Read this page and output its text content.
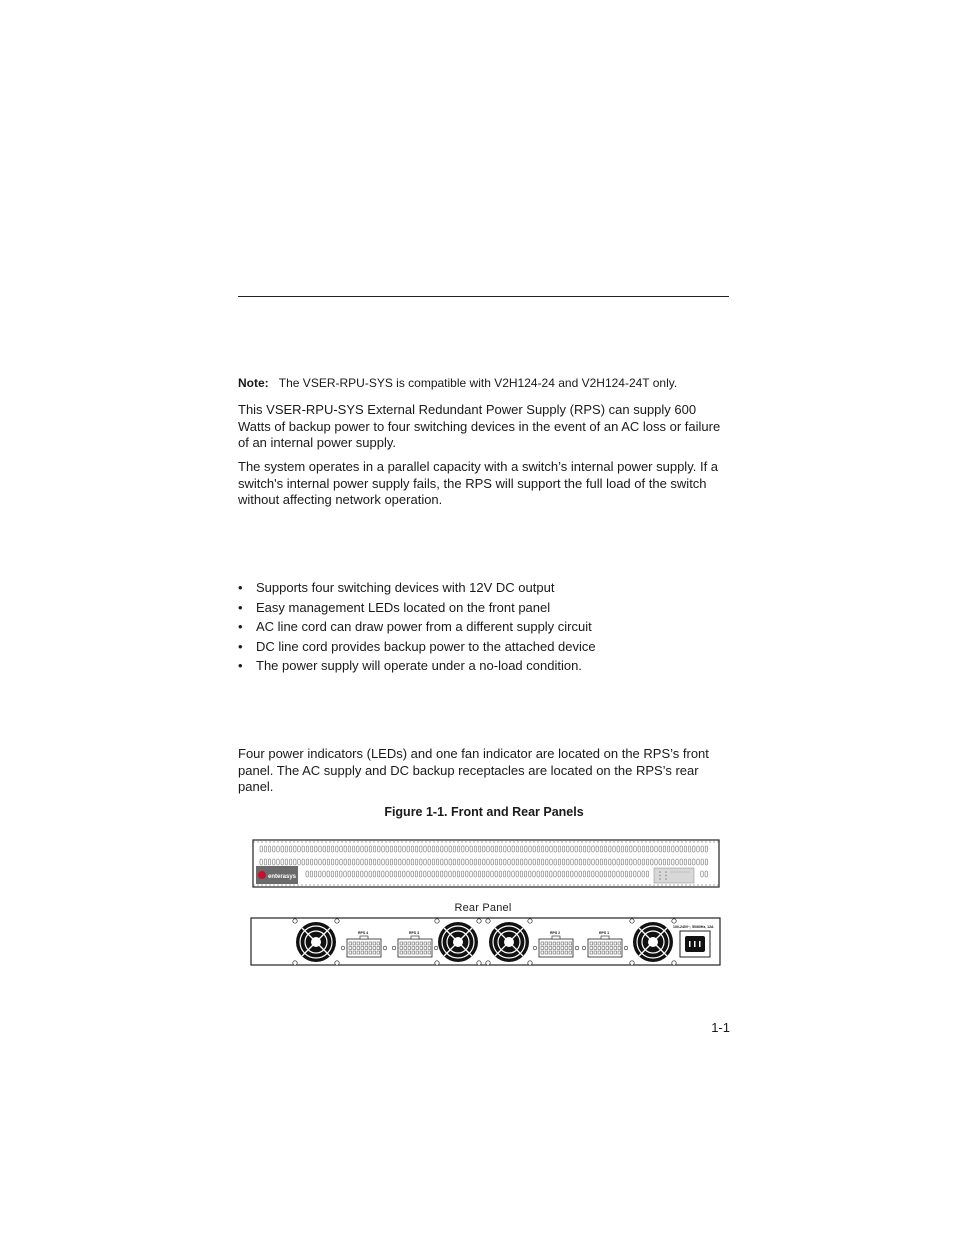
Note: The VSER-RPU-SYS is compatible with V2H124-24 and V2H124-24T only.
This VSER-RPU-SYS External Redundant Power Supply (RPS) can supply 600 Watts of backup power to four switching devices in the event of an AC loss or failure of an internal power supply.
The system operates in a parallel capacity with a switch’s internal power supply. If a switch's internal power supply fails, the RPS will support the full load of the switch without affecting network operation.
• Supports four switching devices with 12V DC output
• Easy management LEDs located on the front panel
• AC line cord can draw power from a different supply circuit
• DC line cord provides backup power to the attached device
• The power supply will operate under a no-load condition.
Four power indicators (LEDs) and one fan indicator are located on the RPS’s front panel. The AC supply and DC backup receptacles are located on the RPS’s rear panel.
Figure 1-1. Front and Rear Panels
enterasys
Rear Panel
RPS 4	RPS 3	RPS 2	RPS 1
100-240V~, 50/60Hz, 12A
1-1
